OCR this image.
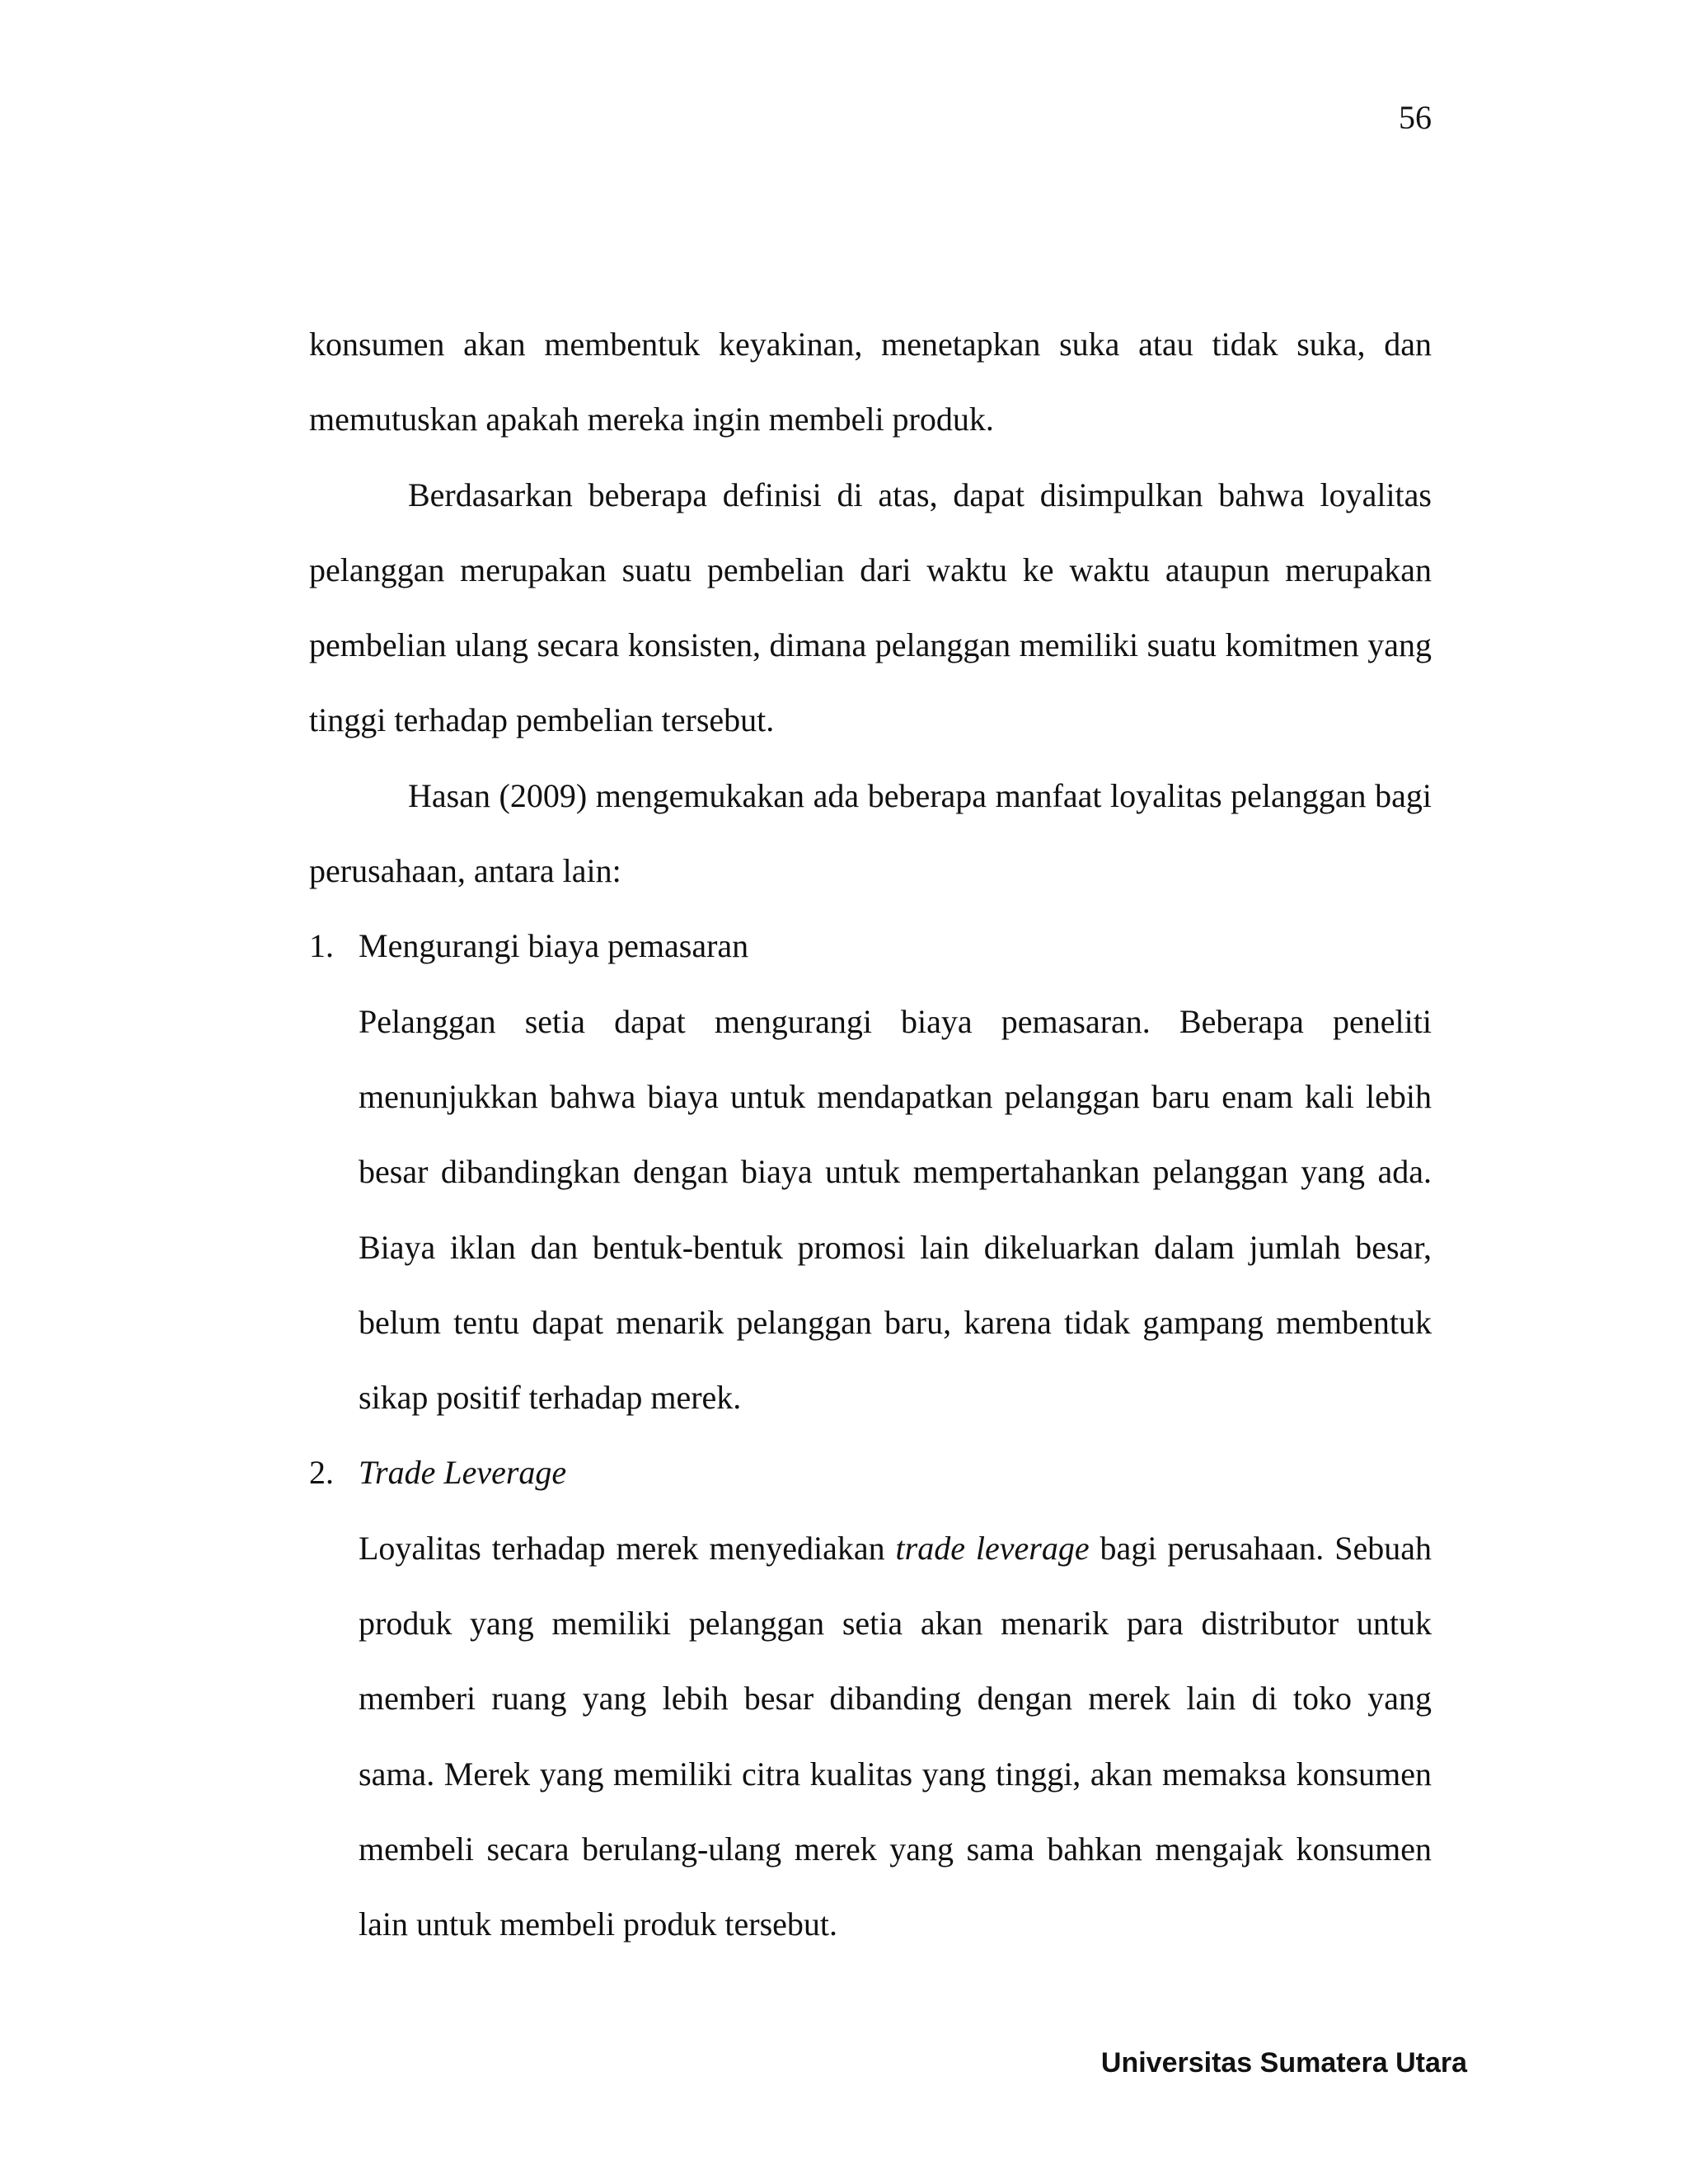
56

konsumen akan membentuk keyakinan, menetapkan suka atau tidak suka, dan memutuskan apakah mereka ingin membeli produk.

Berdasarkan beberapa definisi di atas, dapat disimpulkan bahwa loyalitas pelanggan merupakan suatu pembelian dari waktu ke waktu ataupun merupakan pembelian ulang secara konsisten, dimana pelanggan memiliki suatu komitmen yang tinggi terhadap pembelian tersebut.

Hasan (2009) mengemukakan ada beberapa manfaat loyalitas pelanggan bagi perusahaan, antara lain:

1. Mengurangi biaya pemasaran

Pelanggan setia dapat mengurangi biaya pemasaran. Beberapa peneliti menunjukkan bahwa biaya untuk mendapatkan pelanggan baru enam kali lebih besar dibandingkan dengan biaya untuk mempertahankan pelanggan yang ada. Biaya iklan dan bentuk-bentuk promosi lain dikeluarkan dalam jumlah besar, belum tentu dapat menarik pelanggan baru, karena tidak gampang membentuk sikap positif terhadap merek.

2. Trade Leverage

Loyalitas terhadap merek menyediakan trade leverage bagi perusahaan. Sebuah produk yang memiliki pelanggan setia akan menarik para distributor untuk memberi ruang yang lebih besar dibanding dengan merek lain di toko yang sama. Merek yang memiliki citra kualitas yang tinggi, akan memaksa konsumen membeli secara berulang-ulang merek yang sama bahkan mengajak konsumen lain untuk membeli produk tersebut.

Universitas Sumatera Utara
